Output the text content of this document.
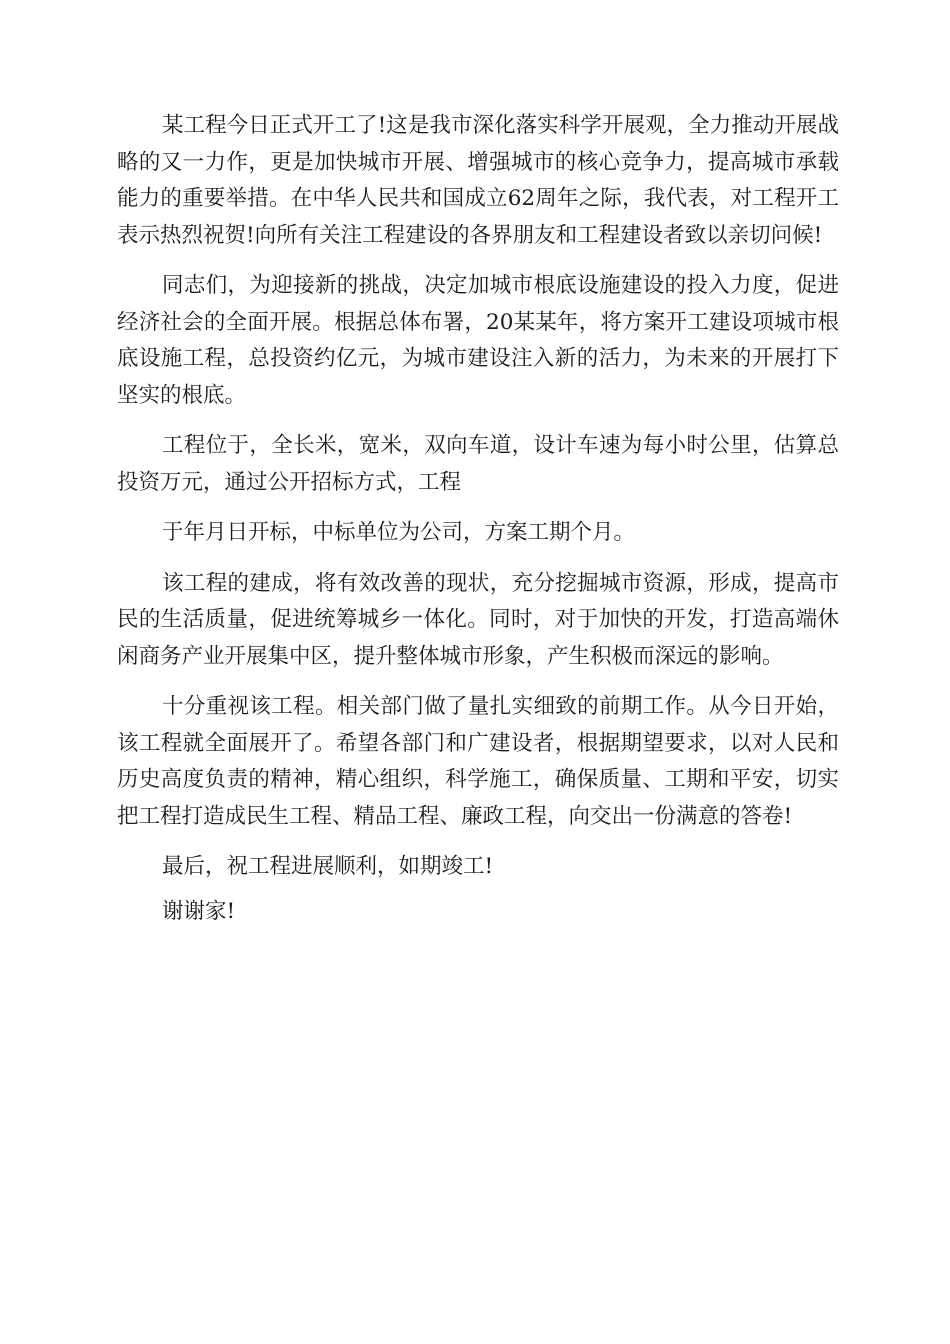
某工程今日正式开工了!这是我市深化落实科学开展观，全力推动开展战略的又一力作，更是加快城市开展、增强城市的核心竞争力，提高城市承载能力的重要举措。在中华人民共和国成立62周年之际，我代表，对工程开工表示热烈祝贺!向所有关注工程建设的各界朋友和工程建设者致以亲切问候!

同志们，为迎接新的挑战，决定加城市根底设施建设的投入力度，促进经济社会的全面开展。根据总体布署，20某某年，将方案开工建设项城市根底设施工程，总投资约亿元，为城市建设注入新的活力，为未来的开展打下坚实的根底。

工程位于，全长米，宽米，双向车道，设计车速为每小时公里，估算总投资万元，通过公开招标方式，工程

于年月日开标，中标单位为公司，方案工期个月。

该工程的建成，将有效改善的现状，充分挖掘城市资源，形成，提高市民的生活质量，促进统筹城乡一体化。同时，对于加快的开发，打造高端休闲商务产业开展集中区，提升整体城市形象，产生积极而深远的影响。

十分重视该工程。相关部门做了量扎实细致的前期工作。从今日开始，该工程就全面展开了。希望各部门和广建设者，根据期望要求，以对人民和历史高度负责的精神，精心组织，科学施工，确保质量、工期和平安，切实把工程打造成民生工程、精品工程、廉政工程，向交出一份满意的答卷!

最后，祝工程进展顺利，如期竣工!

谢谢家!
